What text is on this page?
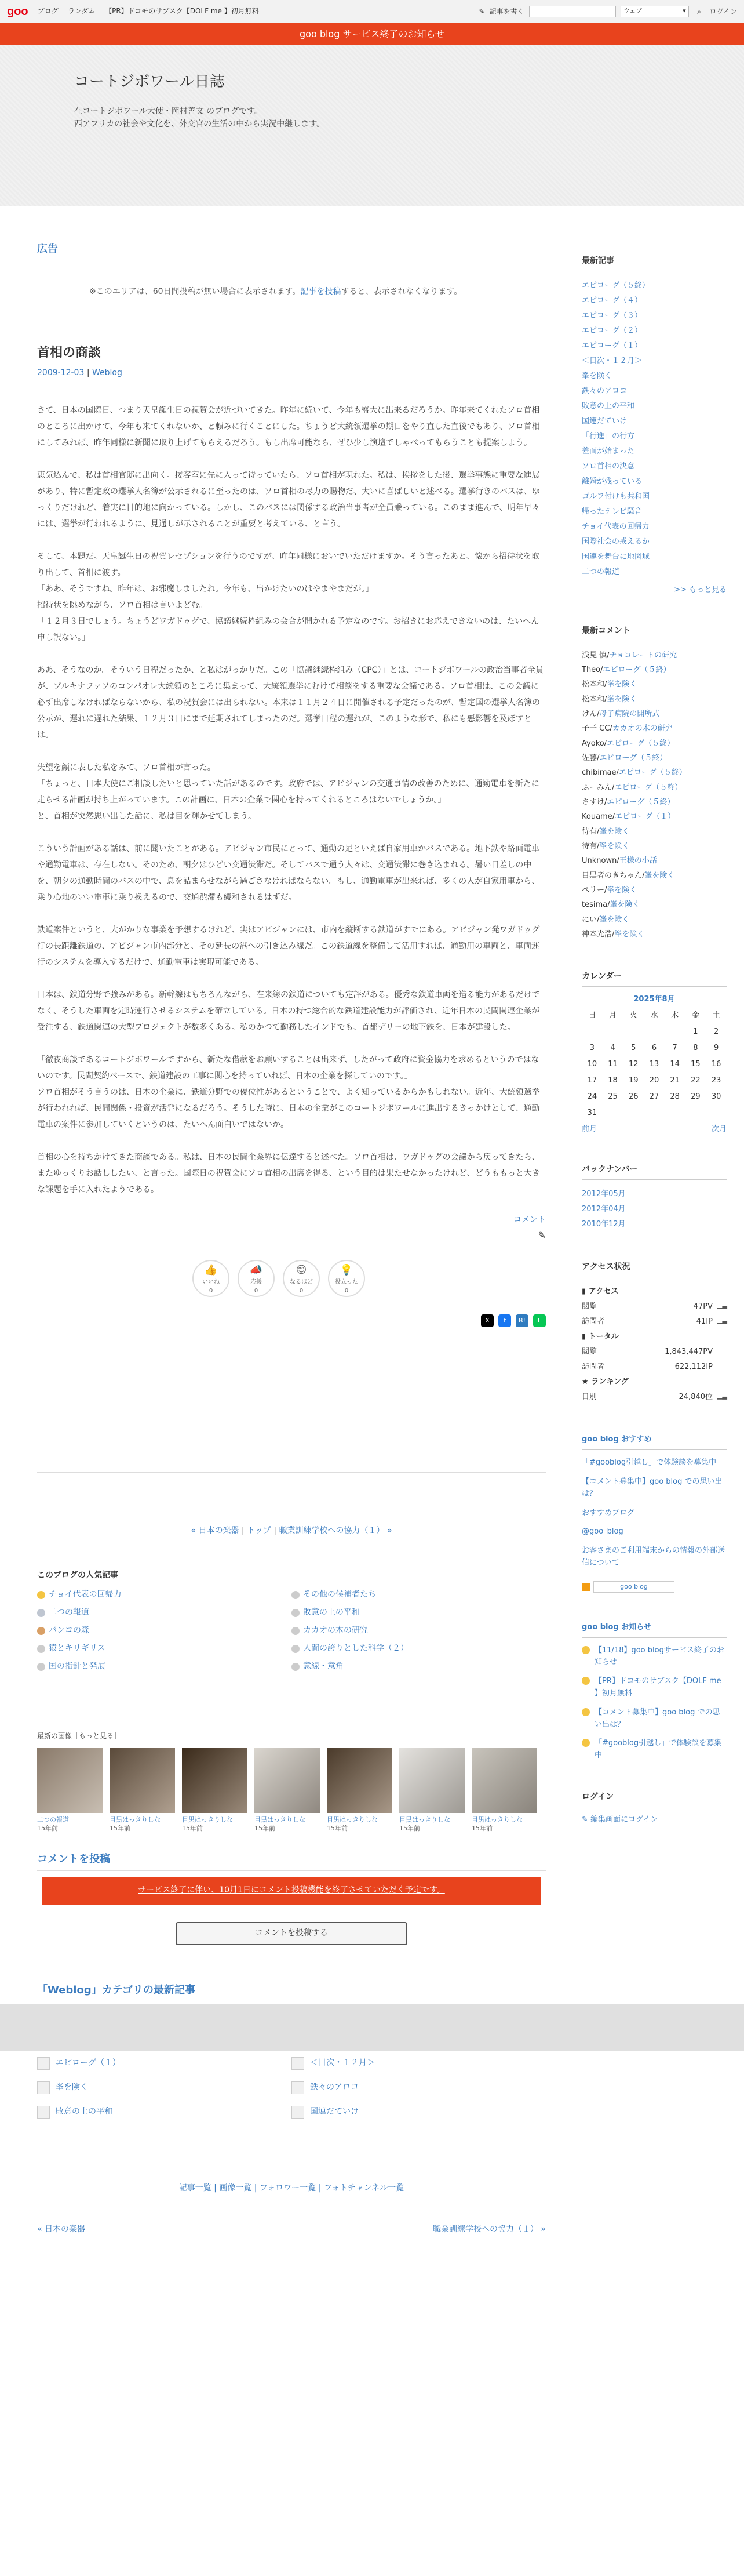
goo ブログ ランダム 【PR】ドコモのサブスク【DOLF me 】初月無料	✎ 記事を書く	ウェブ	▾	⌕	ログイン
goo blog サービス終了のお知らせ
コートジボワール日誌
在コートジボワール大使・岡村善文 のブログです。
西アフリカの社会や文化を、外交官の生活の中から実況中継します。
広告
※このエリアは、60日間投稿が無い場合に表示されます。記事を投稿すると、表示されなくなります。
首相の商談
2009-12-03 | Weblog

さて、日本の国際日、つまり天皇誕生日の祝賀会が近づいてきた。昨年に続いて、今年も盛大に出来るだろうか。昨年来てくれたソロ首相のところに出かけて、今年も来てくれないか、と頼みに行くことにした。ちょうど大統領選挙の期日をやり直した直後でもあり、ソロ首相にしてみれば、昨年同様に新聞に取り上げてもらえるだろう。もし出席可能なら、ぜひ少し演壇でしゃべってもらうことも提案しよう。

恵気込んで、私は首相官邸に出向く。接客室に先に入って待っていたら、ソロ首相が現れた。私は、挨拶をした後、選挙事態に重要な進展があり、特に暫定政の選挙人名簿が公示されるに至ったのは、ソロ首相の尽力の賜物だ、大いに喜ばしいと述べる。選挙行きのバスは、ゆっくりだけれど、着実に目的地に向かっている。しかし、このバスには関係する政治当事者が全員乗っている。このまま進んで、明年早々には、選挙が行われるように、見通しが示されることが重要と考えている、と言う。

そして、本題だ。天皇誕生日の祝賀レセプションを行うのですが、昨年同様においでいただけますか。そう言ったあと、懐から招待状を取り出して、首相に渡す。
「ああ、そうですね。昨年は、お邪魔しましたね。今年も、出かけたいのはやまやまだが。」
招待状を眺めながら、ソロ首相は言いよどむ。
「１２月３日でしょう。ちょうどワガドゥグで、協議継続枠組みの会合が開かれる予定なのです。お招きにお応えできないのは、たいへん申し訳ない。」

ああ、そうなのか。そういう日程だったか、と私はがっかりだ。この「協議継続枠組み（CPC）」とは、コートジボワールの政治当事者全員が、ブルキナファソのコンパオレ大統領のところに集まって、大統領選挙にむけて相談をする重要な会議である。ソロ首相は、この会議に必ず出席しなければならないから、私の祝賀会には出られない。本来は１１月２４日に開催される予定だったのが、暫定国の選挙人名簿の公示が、遅れに遅れた結果、１２月３日にまで延期されてしまったのだ。選挙日程の遅れが、このような形で、私にも悪影響を及ぼすとは。

失望を顔に表した私をみて、ソロ首相が言った。
「ちょっと、日本大使にご相談したいと思っていた話があるのです。政府では、アビジャンの交通事情の改善のために、通勤電車を新たに走らせる計画が持ち上がっています。この計画に、日本の企業で関心を持ってくれるところはないでしょうか。」
と、首相が突然思い出した話に、私は目を輝かせてしまう。

こういう計画がある話は、前に聞いたことがある。アビジャン市民にとって、通勤の足といえば自家用車かバスである。地下鉄や路面電車や通勤電車は、存在しない。そのため、朝夕はひどい交通渋滞だ。そしてバスで通う人々は、交通渋滞に巻き込まれる。暑い日差しの中を、朝夕の通勤時間のバスの中で、息を詰まらせながら過ごさなければならない。もし、通勤電車が出来れば、多くの人が自家用車から、乗り心地のいい電車に乗り換えるので、交通渋滞も緩和されるはずだ。

鉄道案件というと、大がかりな事業を予想するけれど、実はアビジャンには、市内を縦断する鉄道がすでにある。アビジャン発ワガドゥグ行の長距離鉄道の、アビジャン市内部分と、その延長の港への引き込み線だ。この鉄道線を整備して活用すれば、通勤用の車両と、車両運行のシステムを導入するだけで、通勤電車は実現可能である。

日本は、鉄道分野で強みがある。新幹線はもちろんながら、在来線の鉄道についても定評がある。優秀な鉄道車両を造る能力があるだけでなく、そうした車両を定時運行させるシステムを確立している。日本の持つ総合的な鉄道建設能力が評価され、近年日本の民間関連企業が受注する、鉄道関連の大型プロジェクトが数多くある。私のかつて勤務したインドでも、首都デリーの地下鉄を、日本が建設した。

「徹夜商談であるコートジボワールですから、新たな借款をお願いすることは出来ず、したがって政府に資金協力を求めるというのではないのです。民間契約ベースで、鉄道建設の工事に関心を持っていれば、日本の企業を探していのです。」
ソロ首相がそう言うのは、日本の企業に、鉄道分野での優位性があるということで、よく知っているからかもしれない。近年、大統領選挙が行われれば、民間関係・投資が活発になるだろう。そうした時に、日本の企業がこのコートジボワールに進出するきっかけとして、通勤電車の案件に参加していくというのは、たいへん面白いではないか。

首相の心を持ちかけてきた商談である。私は、日本の民間企業界に伝達すると述べた。ソロ首相は、ワガドゥグの会議から戻ってきたら、またゆっくりお話ししたい、と言った。国際日の祝賀会にソロ首相の出席を得る、という目的は果たせなかったけれど、どうももっと大きな課題を手に入れたようである。

コメント
✎
👍
いいね
0
📣
応援
0
😊
なるほど
0
💡
役立った
0
X	f	B!	L
« 日本の楽器 | トップ | 職業訓練学校への協力（１） »
このブログの人気記事
チョイ代表の回帰力	その他の候補者たち
二つの報道	敗意の上の平和
バンコの森	カカオの木の研究
猿とキリギリス	人間の誇りとした科学（２）
国の指針と発展	意線・意角
最新の画像［もっと見る］
二つの報道
15年前
目黒はっきりしな
15年前
目黒はっきりしな
15年前
目黒はっきりしな
15年前
目黒はっきりしな
15年前
目黒はっきりしな
15年前
目黒はっきりしな
15年前
コメントを投稿
サービス終了に伴い、10月1日にコメント投稿機能を終了させていただく予定です。
コメントを投稿する
「Weblog」カテゴリの最新記事
エピローグ（１）	＜目次・１２月＞
峯を険く	鉄々のアロコ
敗意の上の平和	国連だていけ
記事一覧 | 画像一覧 | フォロワー一覧 | フォトチャンネル一覧
« 日本の楽器	職業訓練学校への協力（１） »
最新記事
エピローグ（５終）
エピローグ（４）
エピローグ（３）
エピローグ（２）
エピローグ（１）
＜目次・１２月＞
峯を険く
鉄々のアロコ
敗意の上の平和
国連だていけ
「行進」の行方
差面が始まった
ソロ首相の決意
離婚が残っている
ゴルフ付けも共和国
帰ったテレビ騒音
チョイ代表の回帰力
国際社会の戒えるか
国連を舞台に地図域
二つの報道
>> もっと見る
最新コメント
浅見 慎/チョコレートの研究
Theo/エピローグ（５終）
松本和/峯を険く
松本和/峯を険く
けん/母子病院の開所式
子子 CC/カカオの木の研究
Ayoko/エピローグ（５終）
佐藤/エピローグ（５終）
chibimae/エピローグ（５終）
ふーみん/エピローグ（５終）
さすけ/エピローグ（５終）
Kouame/エピローグ（１）
待有/峯を険く
待有/峯を険く
Unknown/王様の小話
目黒者のきちゃん/峯を険く
ペリー/峯を険く
tesima/峯を険く
にい/峯を険く
神本光浩/峯を険く
カレンダー
2025年8月
日	月	火	水	木	金	土
					1	2
3	4	5	6	7	8	9
10	11	12	13	14	15	16
17	18	19	20	21	22	23
24	25	26	27	28	29	30
31						
前月	次月
バックナンバー
2012年05月
2012年04月
2010年12月
アクセス状況
▮ アクセス
閲覧	47PV ▁▃
訪問者	41IP ▁▃
▮ トータル
閲覧	1,843,447PV
訪問者	622,112IP
★ ランキング
日別	24,840位 ▁▃
goo blog おすすめ
「#gooblog引越し」で体験談を募集中
【コメント募集中】goo blog での思い出は？
おすすめブログ
@goo_blog
お客さまのご利用端末からの情報の外部送信について
goo blog
goo blog お知らせ
【11/18】goo blogサービス終了のお知らせ
【PR】ドコモのサブスク【DOLF me 】初月無料
【コメント募集中】goo blog での思い出は？
「#gooblog引越し」で体験談を募集中
ログイン
✎ 編集画面にログイン
